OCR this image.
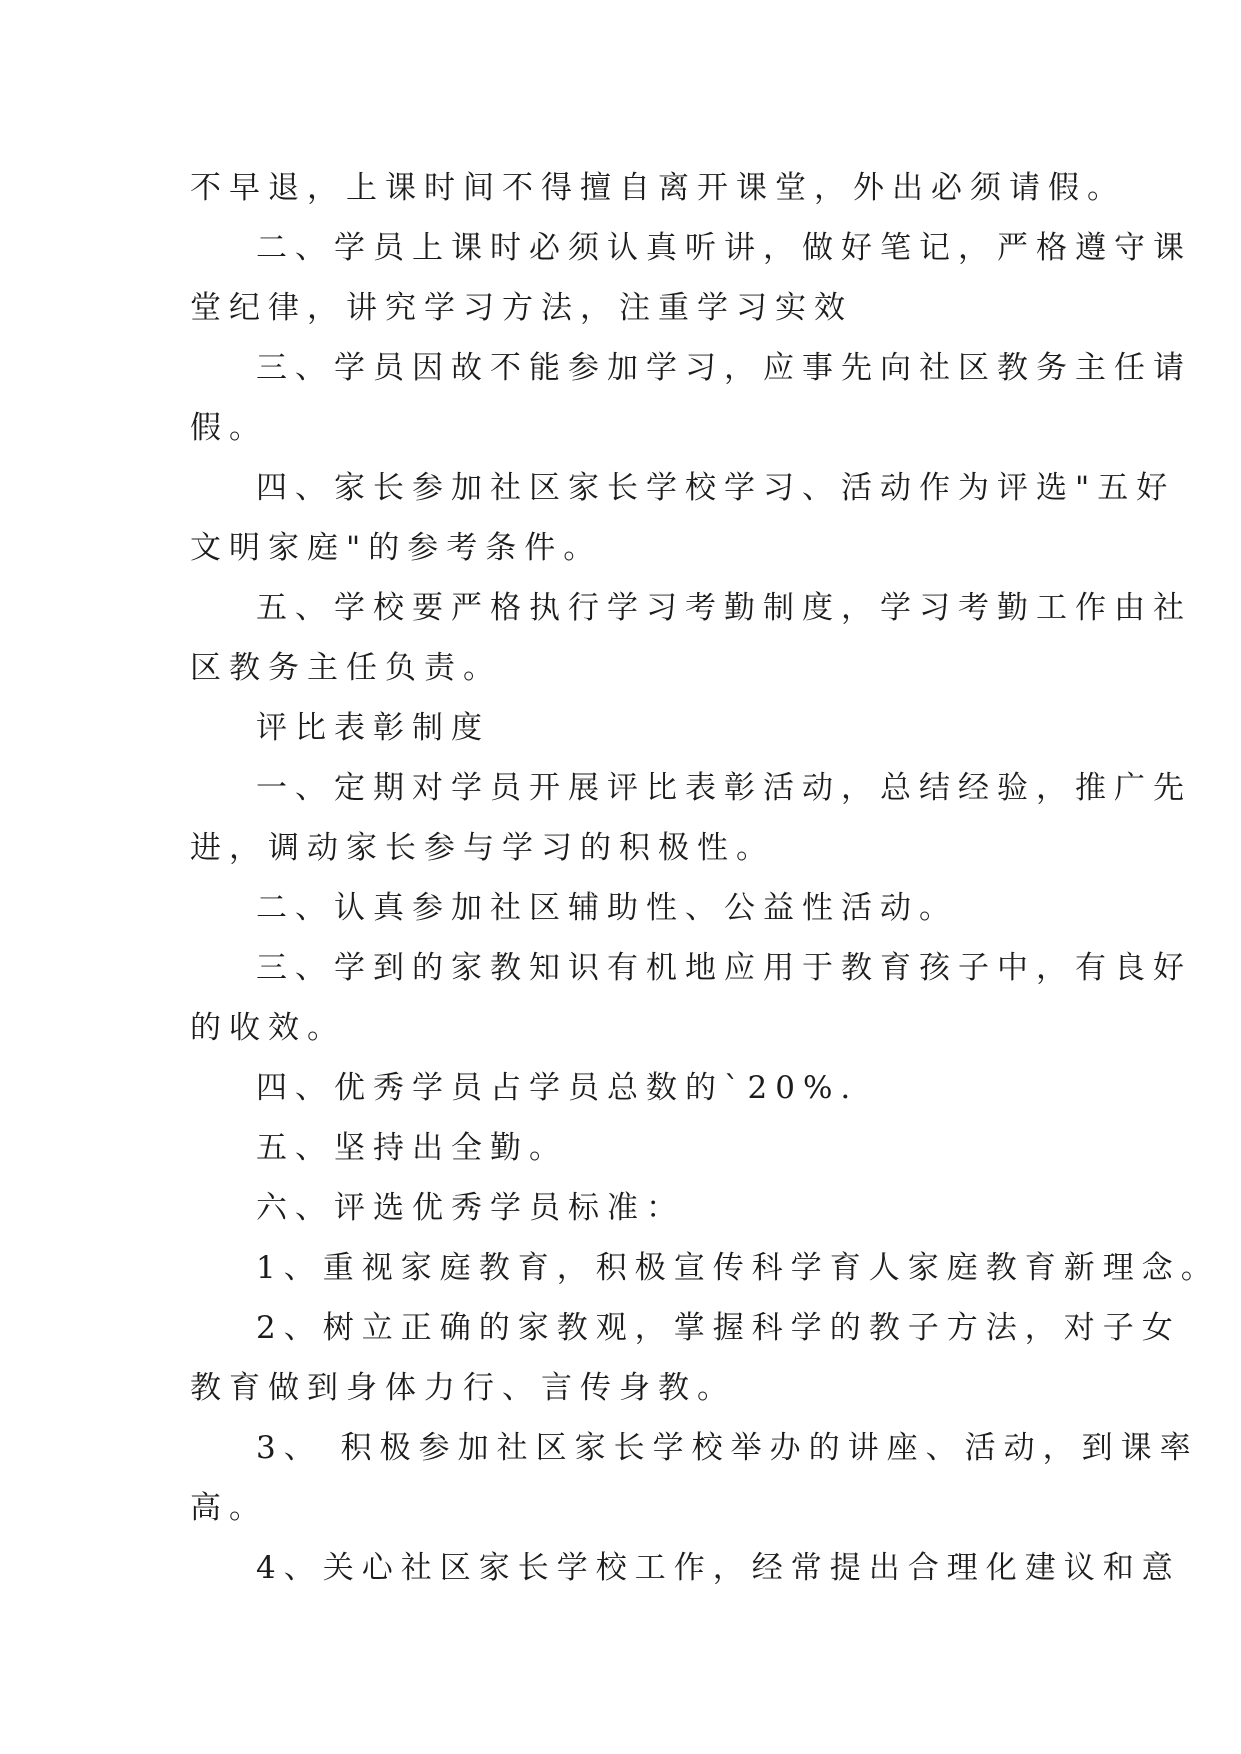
不早退，上课时间不得擅自离开课堂，外出必须请假。
二、学员上课时必须认真听讲，做好笔记，严格遵守课
堂纪律，讲究学习方法，注重学习实效
三、学员因故不能参加学习，应事先向社区教务主任请
假。
四、家长参加社区家长学校学习、活动作为评选"五好
文明家庭"的参考条件。
五、学校要严格执行学习考勤制度，学习考勤工作由社
区教务主任负责。
评比表彰制度
一、定期对学员开展评比表彰活动，总结经验，推广先
进，调动家长参与学习的积极性。
二、认真参加社区辅助性、公益性活动。
三、学到的家教知识有机地应用于教育孩子中，有良好
的收效。
四、优秀学员占学员总数的`20%.
五、坚持出全勤。
六、评选优秀学员标准：
1、重视家庭教育，积极宣传科学育人家庭教育新理念。
2、树立正确的家教观，掌握科学的教子方法，对子女
教育做到身体力行、言传身教。
3、 积极参加社区家长学校举办的讲座、活动，到课率
高。
4、关心社区家长学校工作，经常提出合理化建议和意
